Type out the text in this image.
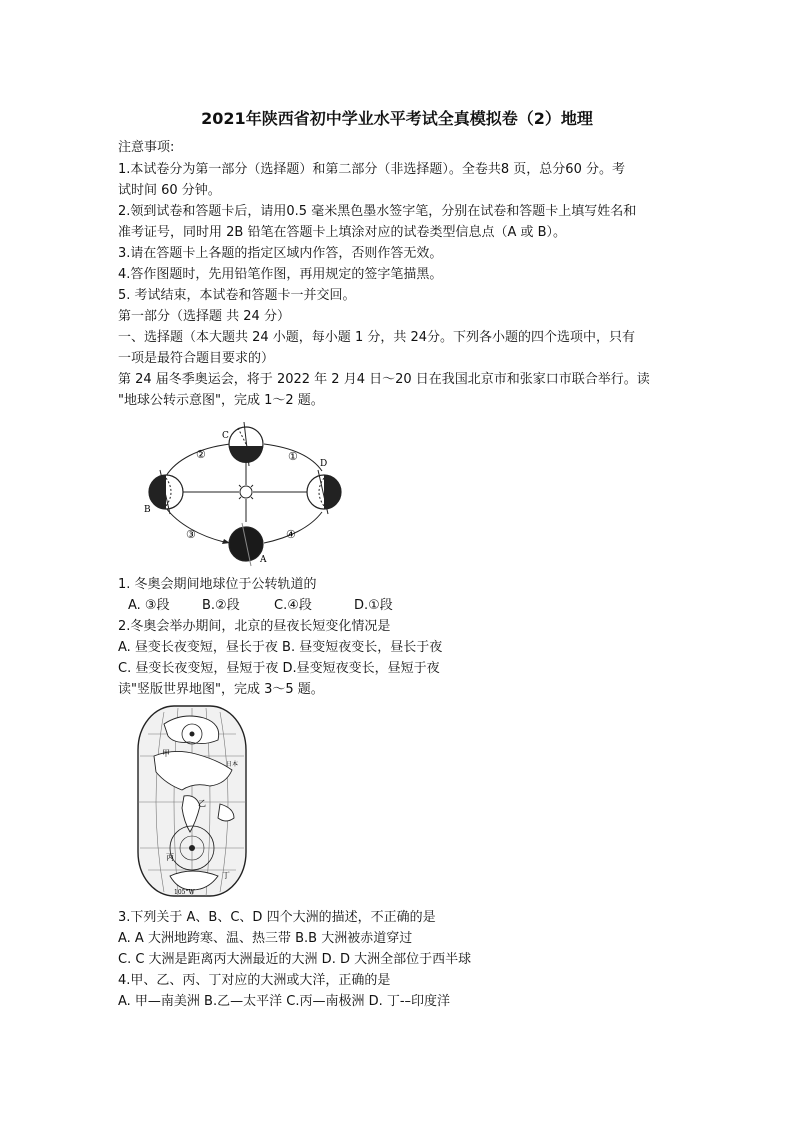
2021年陕西省初中学业水平考试全真模拟卷（2）地理
注意事项:
1.本试卷分为第一部分（选择题）和第二部分（非选择题）。全卷共8 页，总分60 分。考
试时间 60 分钟。
2.领到试卷和答题卡后，请用0.5 毫米黑色墨水签字笔，分别在试卷和答题卡上填写姓名和
准考证号，同时用 2B 铅笔在答题卡上填涂对应的试卷类型信息点（A 或 B）。
3.请在答题卡上各题的指定区域内作答，否则作答无效。
4.答作图题时，先用铅笔作图，再用规定的签字笔描黑。
5. 考试结束，本试卷和答题卡一并交回。
第一部分（选择题 共 24 分）
一、选择题（本大题共 24 小题，每小题 1 分，共 24分。下列各小题的四个选项中，只有
一项是最符合题目要求的）
第 24 届冬季奥运会，将于 2022 年 2 月4 日～20 日在我国北京市和张家口市联合举行。读
"地球公转示意图"，完成 1～2 题。
C
B
D
A
①
②
③	④
1. 冬奥会期间地球位于公转轨道的
A. ③段 B.②段	C.④段	D.①段
2.冬奥会举办期间，北京的昼夜长短变化情况是
A. 昼变长夜变短，昼长于夜 B. 昼变短夜变长，昼长于夜
C. 昼变长夜变短，昼短于夜 D.昼变短夜变长，昼短于夜
读"竖版世界地图"，完成 3～5 题。
甲
乙
丙
丁
日本
105°W
3.下列关于 A、B、C、D 四个大洲的描述，不正确的是
A. A 大洲地跨寒、温、热三带 B.B 大洲被赤道穿过
C. C 大洲是距离丙大洲最近的大洲 D. D 大洲全部位于西半球
4.甲、乙、丙、丁对应的大洲或大洋，正确的是
A. 甲—南美洲 B.乙—太平洋 C.丙—南极洲 D. 丁-–印度洋
